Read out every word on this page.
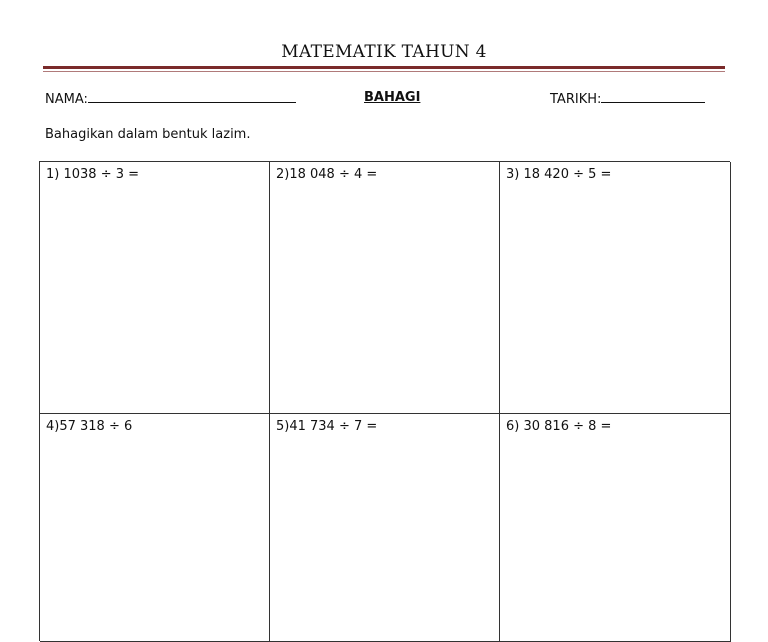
MATEMATIK TAHUN 4
NAMA:	BAHAGI	TARIKH:
Bahagikan dalam bentuk lazim.
1) 1038 ÷ 3 =	2)18 048 ÷ 4 =	3) 18 420 ÷ 5 =
4)57 318 ÷ 6	5)41 734 ÷ 7 =	6) 30 816 ÷ 8 =
